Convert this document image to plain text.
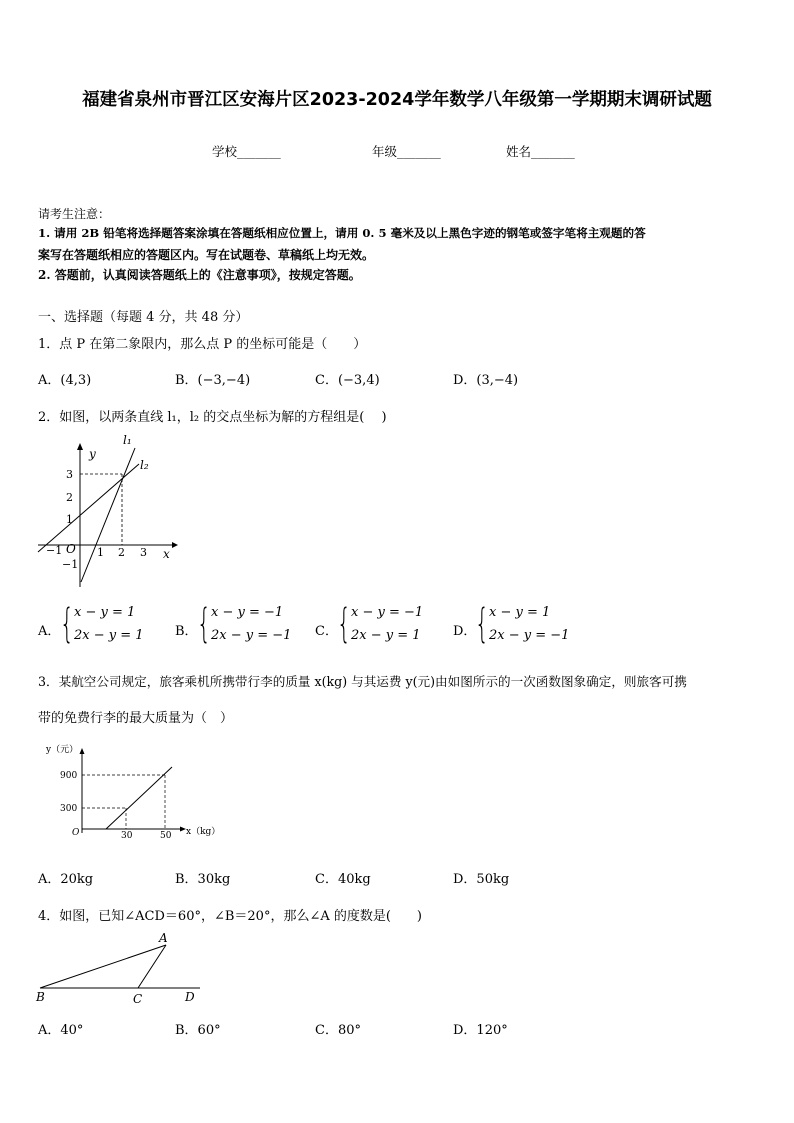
福建省泉州市晋江区安海片区2023-2024学年数学八年级第一学期期末调研试题
学校_______	年级_______	姓名_______
请考生注意：
1. 请用 2B 铅笔将选择题答案涂填在答题纸相应位置上，请用 0. 5 毫米及以上黑色字迹的钢笔或签字笔将主观题的答
案写在答题纸相应的答题区内。写在试题卷、草稿纸上均无效。
2. 答题前，认真阅读答题纸上的《注意事项》，按规定答题。
一、选择题（每题 4 分，共 48 分）
1．点 P 在第二象限内，那么点 P 的坐标可能是（　　）
A．(4,3)	B．(−3,−4)	C．(−3,4)	D．(3,−4)
2．如图，以两条直线 l₁，l₂ 的交点坐标为解的方程组是(　 )
y
x
O
l₁
l₂
3
2
1
−1
−1	1 2 3
A． { x − y = 1
2x − y = 1 B． { x − y = −1
2x − y = −1 C． { x − y = −1
2x − y = 1 D．
{ x − y = 1
2x − y = −1
3．某航空公司规定，旅客乘机所携带行李的质量 x(kg) 与其运费 y(元)由如图所示的一次函数图象确定，则旅客可携
带的免费行李的最大质量为（　）
y（元）
x（kg）
O
900
300
30	50
A．20kg	B．30kg	C．40kg	D．50kg
4．如图，已知∠ACD＝60°，∠B＝20°，那么∠A 的度数是(　　)
A
B	C	D
A．40°	B．60°	C．80°	D．120°
